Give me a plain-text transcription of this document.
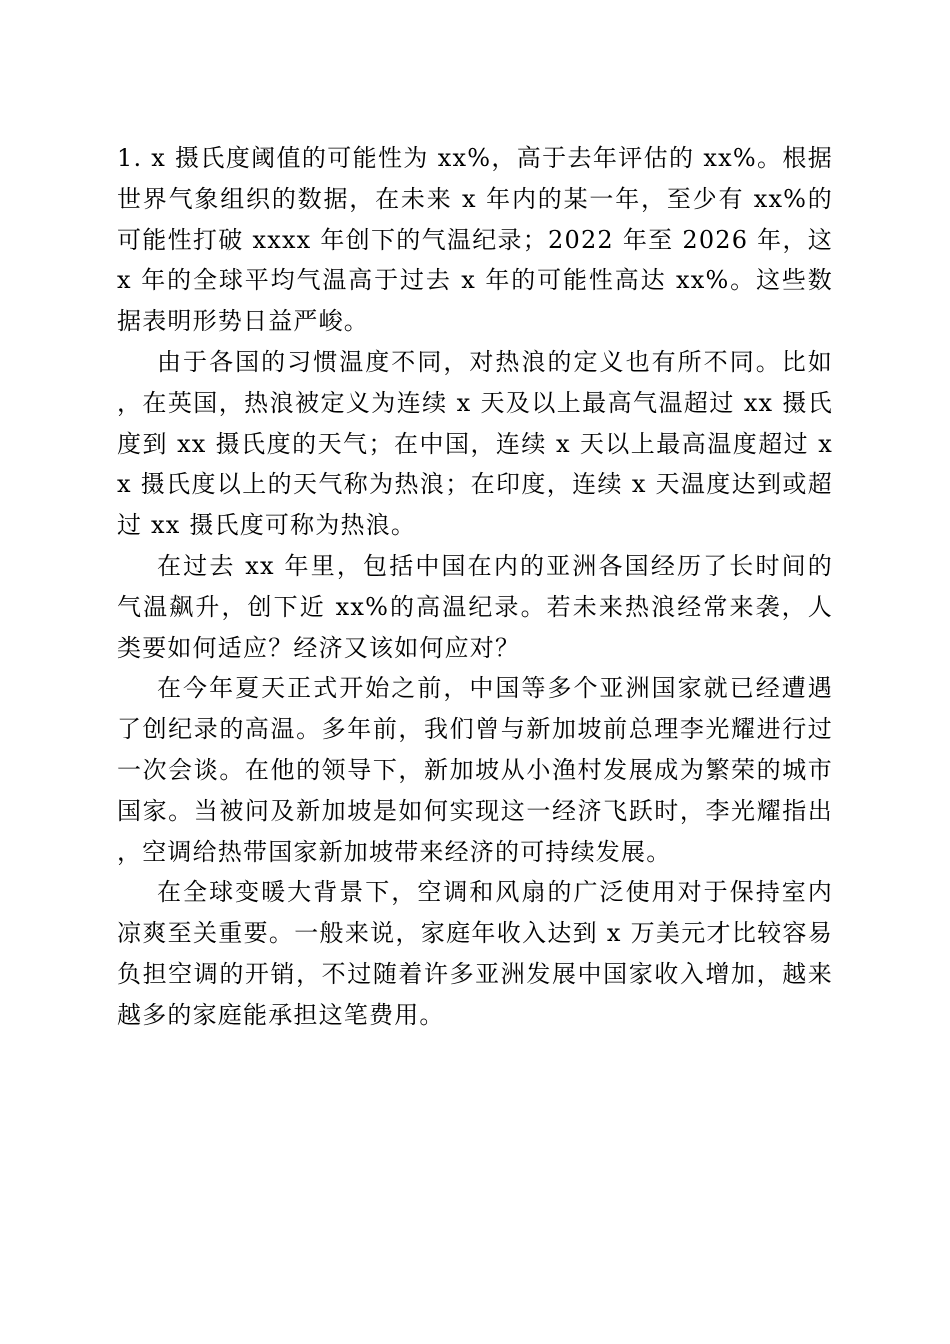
1. x 摄氏度阈值的可能性为 xx%，高于去年评估的 xx%。根据世界气象组织的数据，在未来 x 年内的某一年，至少有 xx%的可能性打破 xxxx 年创下的气温纪录；2022 年至 2026 年，这 x 年的全球平均气温高于过去 x 年的可能性高达 xx%。这些数据表明形势日益严峻。

由于各国的习惯温度不同，对热浪的定义也有所不同。比如，在英国，热浪被定义为连续 x 天及以上最高气温超过 xx 摄氏度到 xx 摄氏度的天气；在中国，连续 x 天以上最高温度超过 xx 摄氏度以上的天气称为热浪；在印度，连续 x 天温度达到或超过 xx 摄氏度可称为热浪。

在过去 xx 年里，包括中国在内的亚洲各国经历了长时间的气温飙升，创下近 xx%的高温纪录。若未来热浪经常来袭，人类要如何适应？经济又该如何应对？

在今年夏天正式开始之前，中国等多个亚洲国家就已经遭遇了创纪录的高温。多年前，我们曾与新加坡前总理李光耀进行过一次会谈。在他的领导下，新加坡从小渔村发展成为繁荣的城市国家。当被问及新加坡是如何实现这一经济飞跃时，李光耀指出，空调给热带国家新加坡带来经济的可持续发展。

在全球变暖大背景下，空调和风扇的广泛使用对于保持室内凉爽至关重要。一般来说，家庭年收入达到 x 万美元才比较容易负担空调的开销，不过随着许多亚洲发展中国家收入增加，越来越多的家庭能承担这笔费用。
